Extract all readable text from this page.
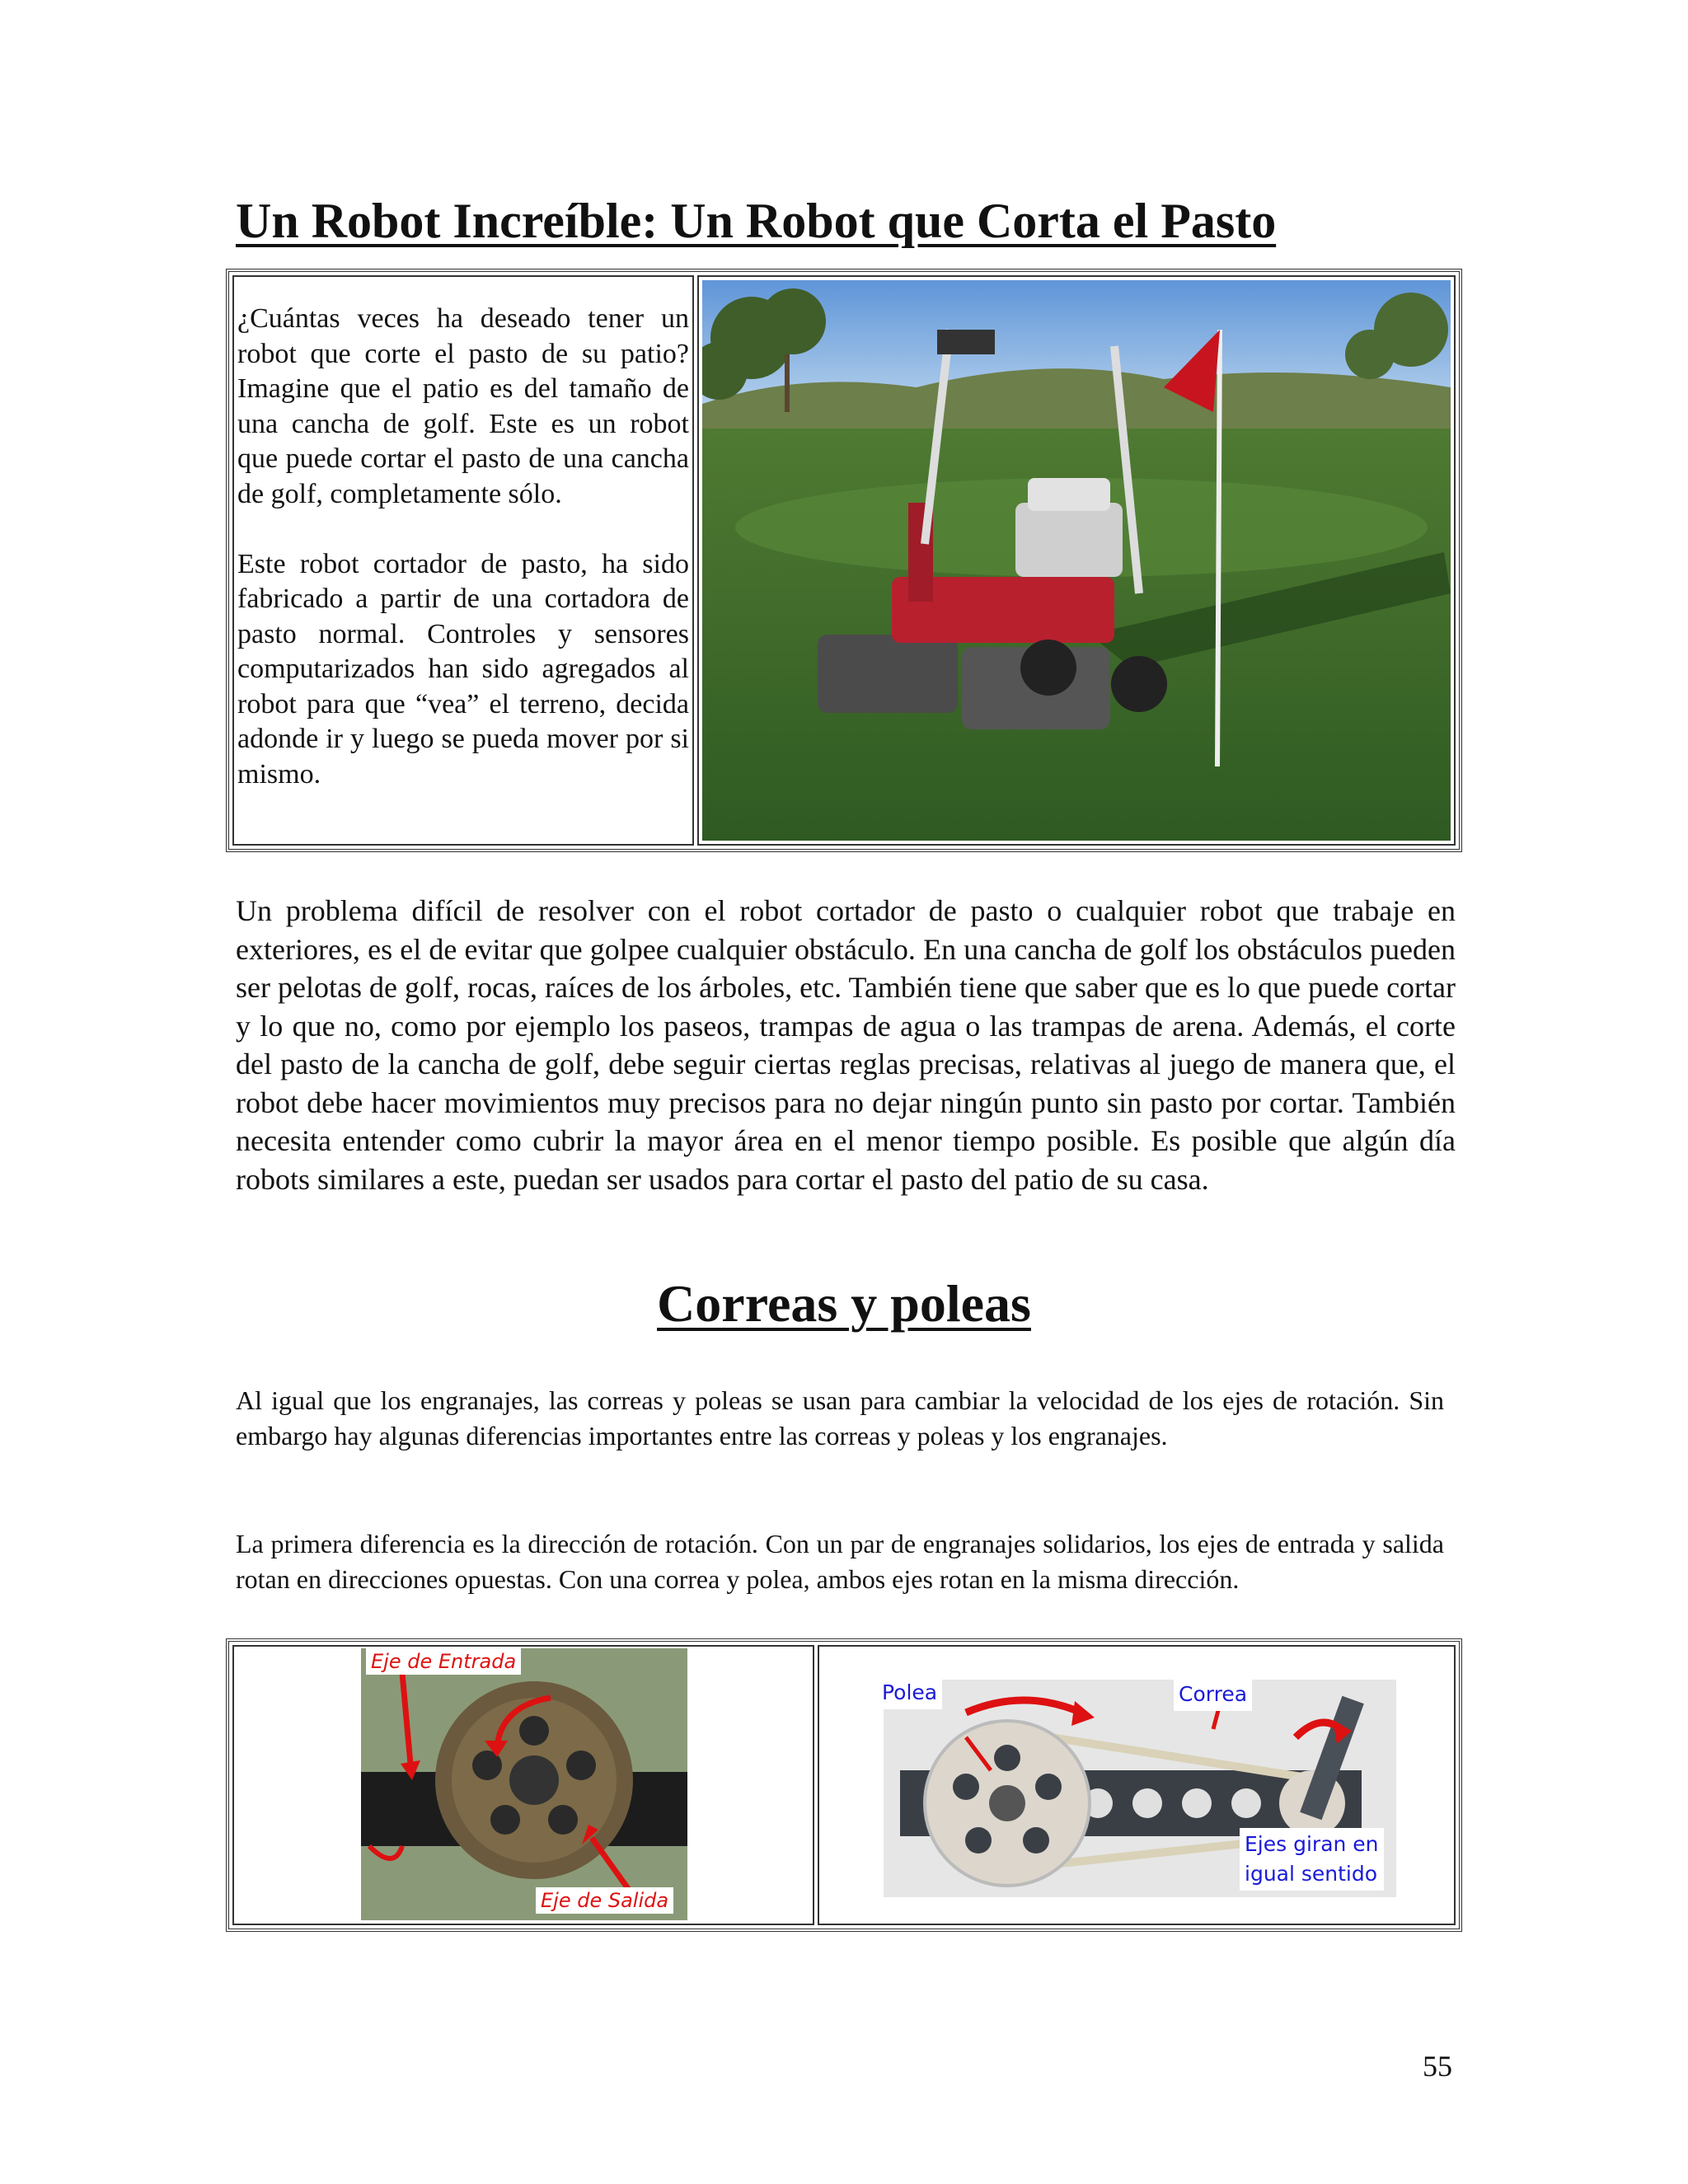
Un Robot Increíble: Un Robot que Corta el Pasto

¿Cuántas veces ha deseado tener un robot que corte el pasto de su patio? Imagine que el patio es del tamaño de una cancha de golf. Este es un robot que puede cortar el pasto de una cancha de golf, completamente sólo.

Este robot cortador de pasto, ha sido fabricado a partir de una cortadora de pasto normal. Controles y sensores computarizados han sido agregados al robot para que “vea” el terreno, decida adonde ir y luego se pueda mover por si mismo.

Un problema difícil de resolver con el robot cortador de pasto o cualquier robot que trabaje en exteriores, es el de evitar que golpee cualquier obstáculo. En una cancha de golf los obstáculos pueden ser pelotas de golf, rocas, raíces de los árboles, etc. También tiene que saber que es lo que puede cortar y lo que no, como por ejemplo los paseos, trampas de agua o las trampas de arena. Además, el corte del pasto de la cancha de golf, debe seguir ciertas reglas precisas, relativas al juego de manera que, el robot debe hacer movimientos muy precisos para no dejar ningún punto sin pasto por cortar. También necesita entender como cubrir la mayor área en el menor tiempo posible. Es posible que algún día robots similares a este, puedan ser usados para cortar el pasto del patio de su casa.

Correas y poleas

Al igual que los engranajes, las correas y poleas se usan para cambiar la velocidad de los ejes de rotación. Sin embargo hay algunas diferencias importantes entre las correas y poleas y los engranajes.

La primera diferencia es la dirección de rotación. Con un par de engranajes solidarios, los ejes de entrada y salida rotan en direcciones opuestas. Con una correa y polea, ambos ejes rotan en la misma dirección.

Eje de Entrada
Eje de Salida
Polea	Correa
Ejes giran en
igual sentido
55
